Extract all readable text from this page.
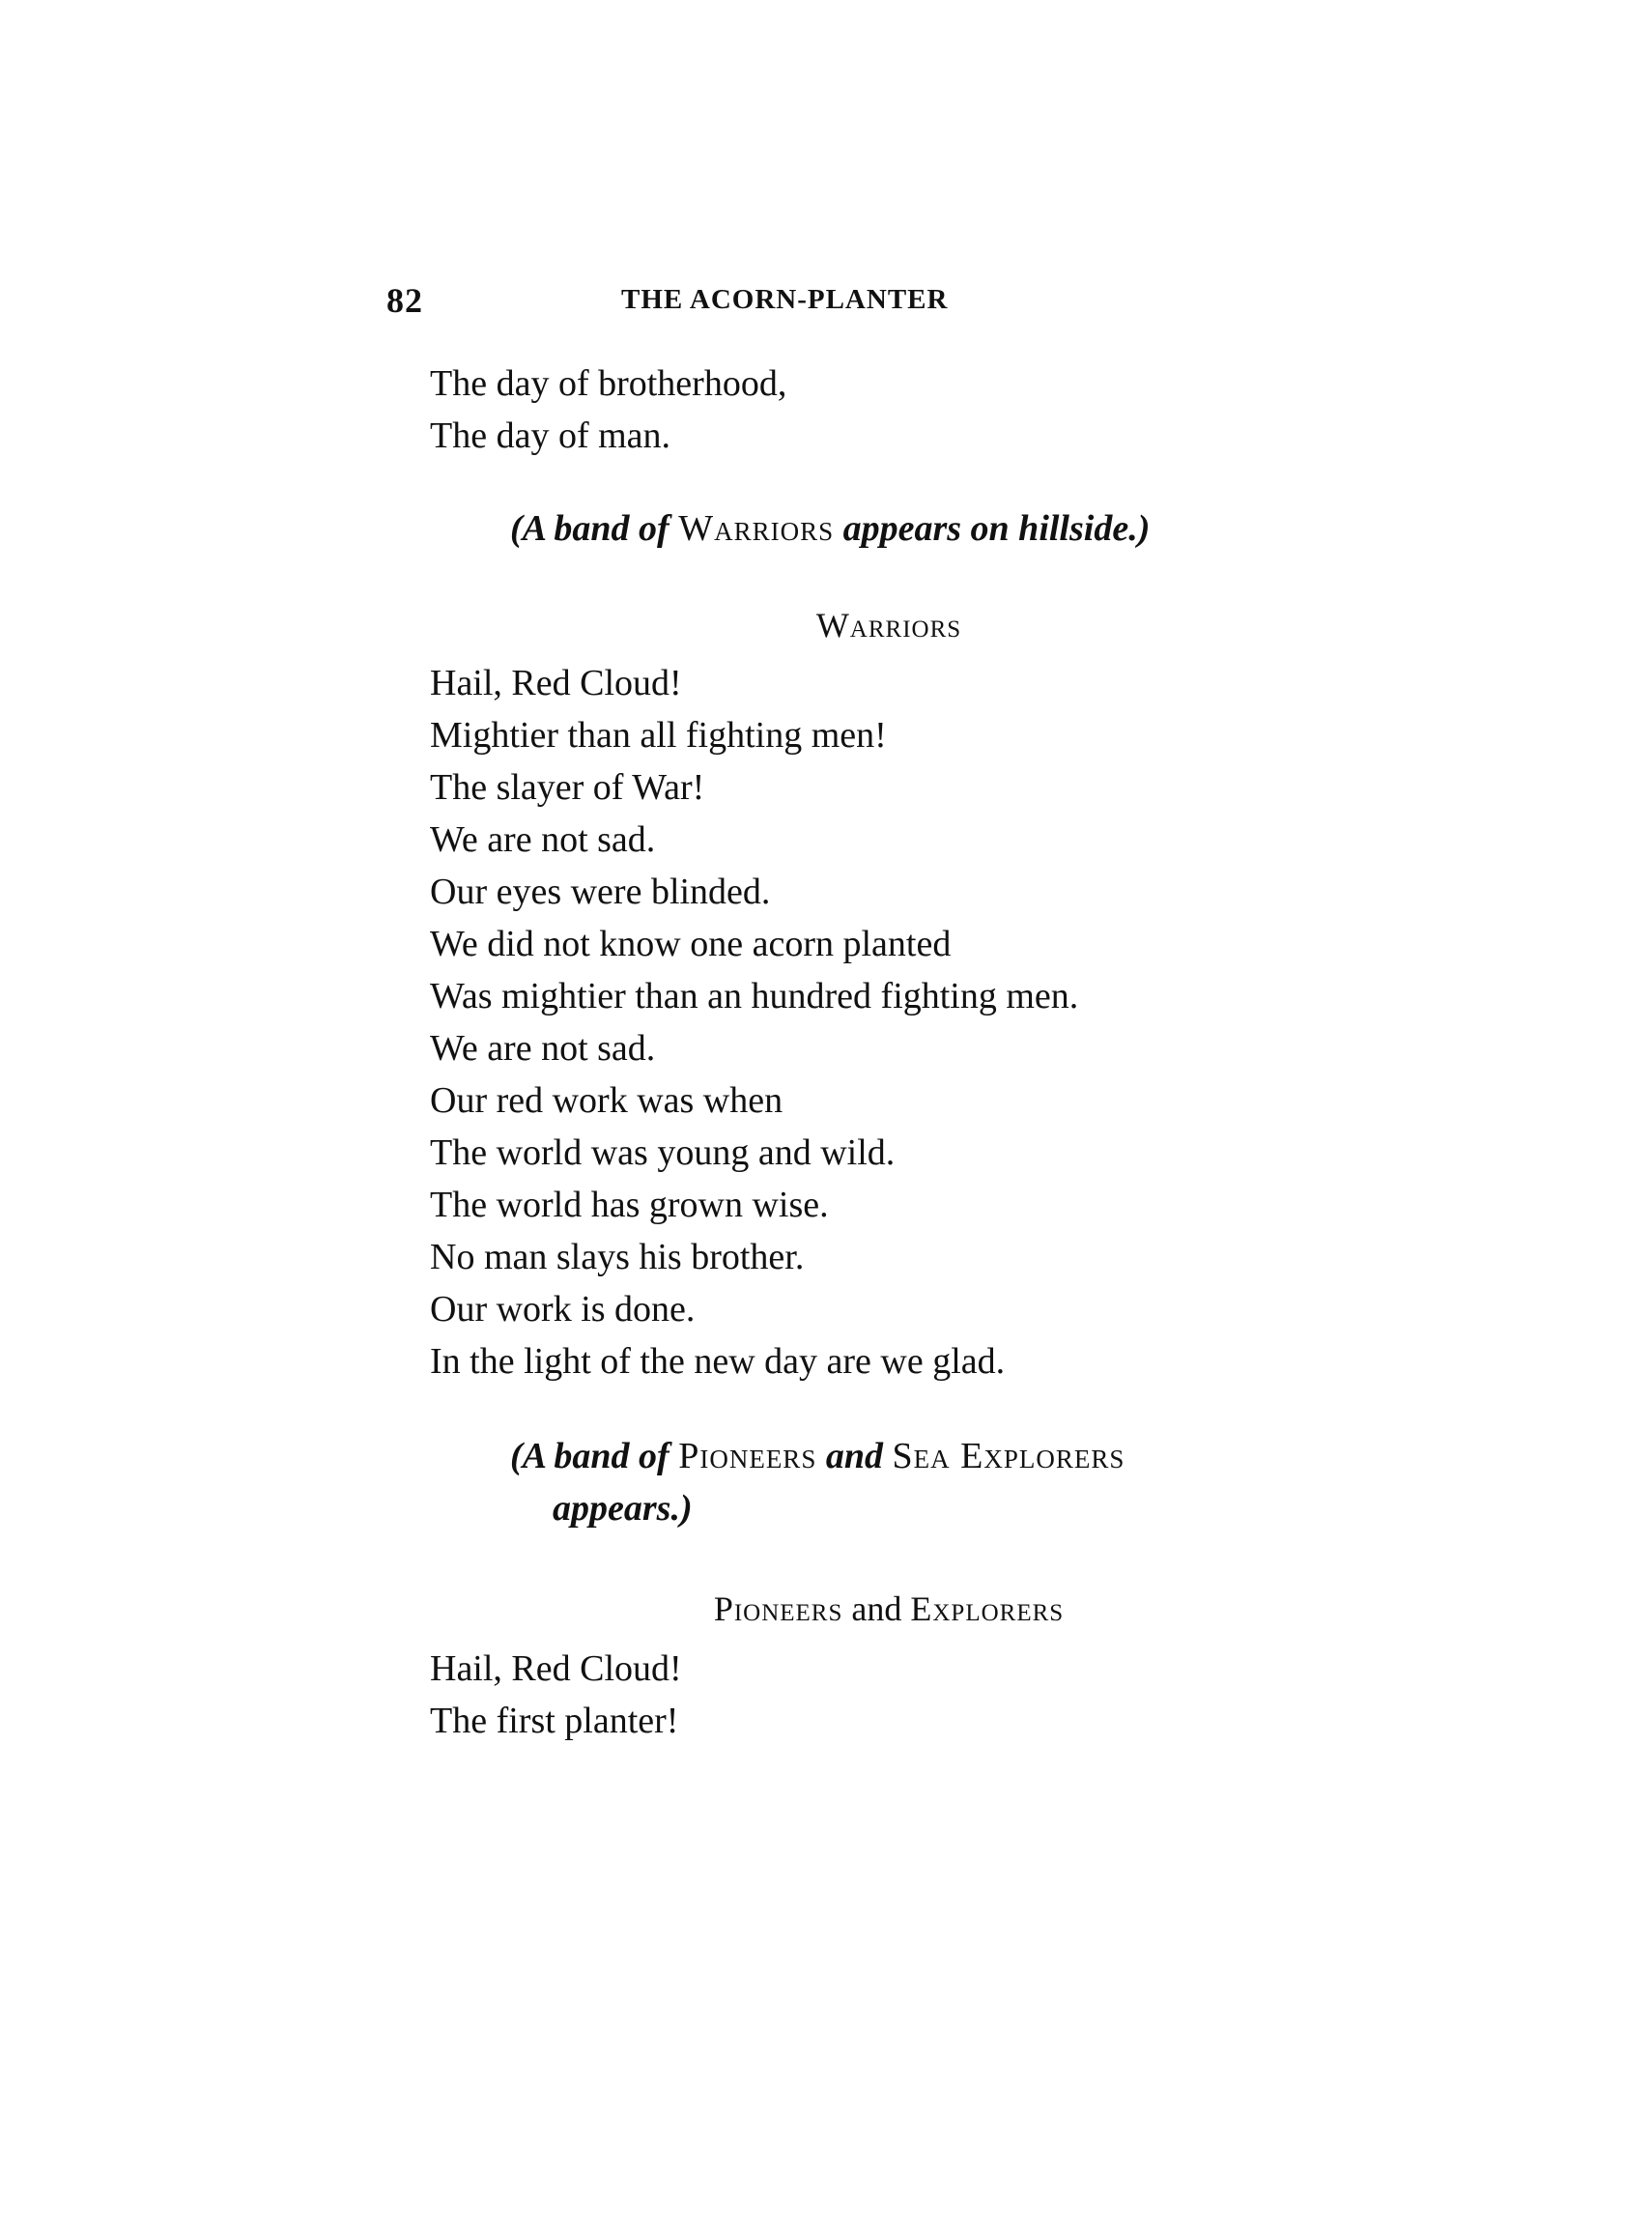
82	THE ACORN-PLANTER
The day of brotherhood,
The day of man.
(A band of Warriors appears on hillside.)
Warriors
Hail, Red Cloud!
Mightier than all fighting men!
The slayer of War!
We are not sad.
Our eyes were blinded.
We did not know one acorn planted
Was mightier than an hundred fighting men.
We are not sad.
Our red work was when
The world was young and wild.
The world has grown wise.
No man slays his brother.
Our work is done.
In the light of the new day are we glad.
(A band of Pioneers and Sea Explorers
appears.)
Pioneers and Explorers
Hail, Red Cloud!
The first planter!
